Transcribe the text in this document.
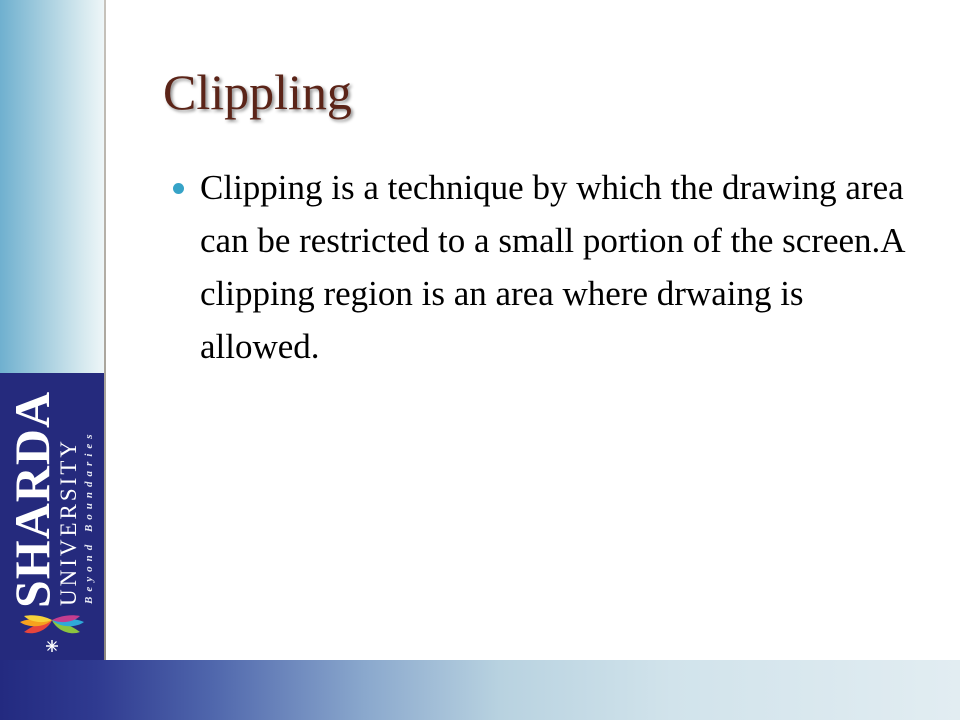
SHARDA
UNIVERSITY Beyond Boundaries
Clippling
Clipping is a technique by which the drawing area can be restricted to a small portion of the screen.A clipping region is an area where drwaing is allowed.
